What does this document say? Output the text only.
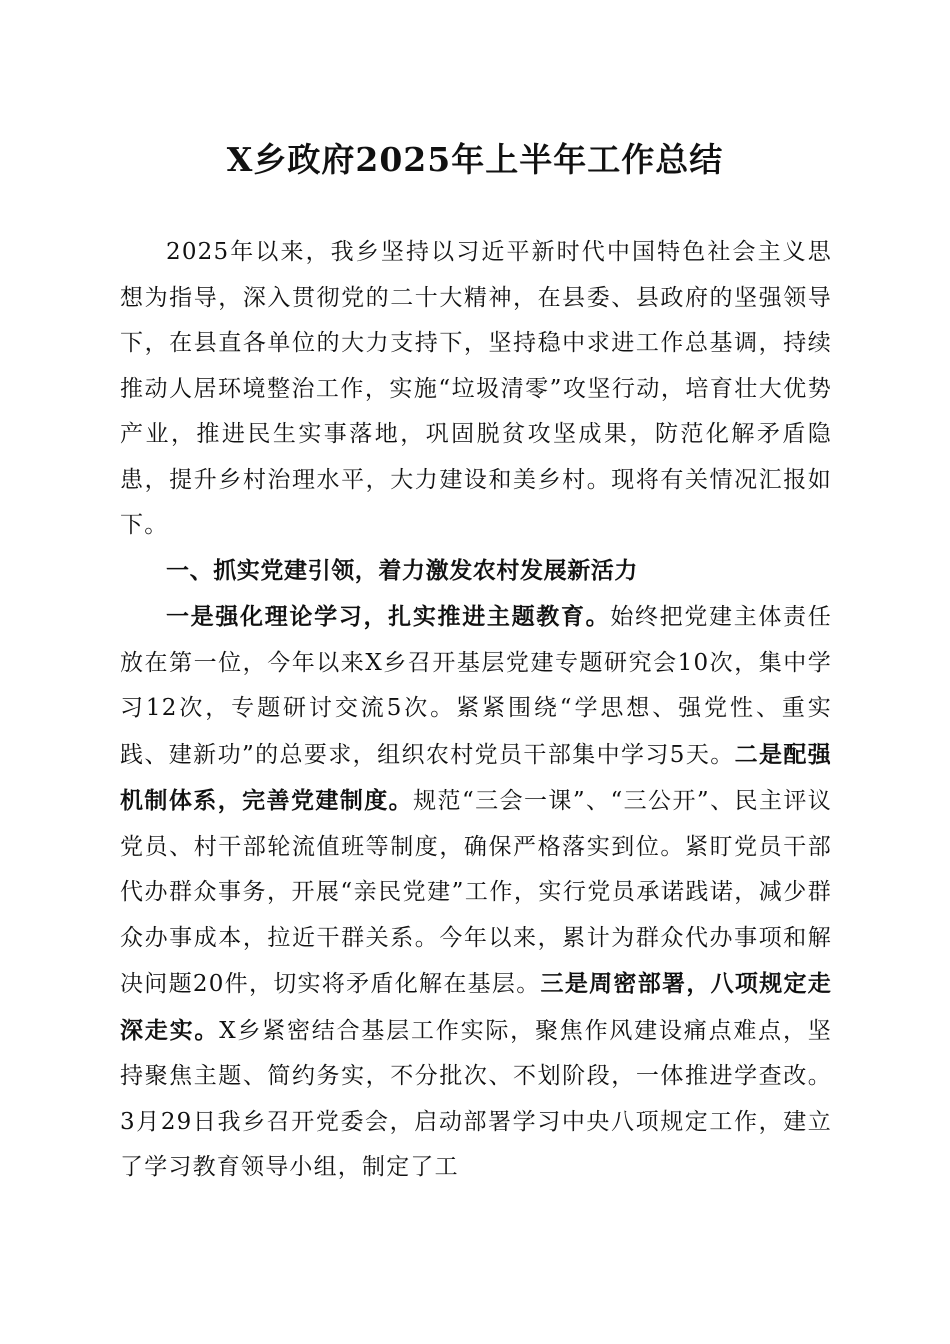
X乡政府2025年上半年工作总结

2025年以来，我乡坚持以习近平新时代中国特色社会主义思想为指导，深入贯彻党的二十大精神，在县委、县政府的坚强领导下，在县直各单位的大力支持下，坚持稳中求进工作总基调，持续推动人居环境整治工作，实施“垃圾清零”攻坚行动，培育壮大优势产业，推进民生实事落地，巩固脱贫攻坚成果，防范化解矛盾隐患，提升乡村治理水平，大力建设和美乡村。现将有关情况汇报如下。

一、抓实党建引领，着力激发农村发展新活力

一是强化理论学习，扎实推进主题教育。始终把党建主体责任放在第一位，今年以来X乡召开基层党建专题研究会10次，集中学习12次，专题研讨交流5次。紧紧围绕“学思想、强党性、重实践、建新功”的总要求，组织农村党员干部集中学习5天。二是配强机制体系，完善党建制度。规范“三会一课”、“三公开”、民主评议党员、村干部轮流值班等制度，确保严格落实到位。紧盯党员干部代办群众事务，开展“亲民党建”工作，实行党员承诺践诺，减少群众办事成本，拉近干群关系。今年以来，累计为群众代办事项和解决问题20件，切实将矛盾化解在基层。三是周密部署，八项规定走深走实。X乡紧密结合基层工作实际，聚焦作风建设痛点难点，坚持聚焦主题、简约务实，不分批次、不划阶段，一体推进学查改。3月29日我乡召开党委会，启动部署学习中央八项规定工作，建立了学习教育领导小组，制定了工
